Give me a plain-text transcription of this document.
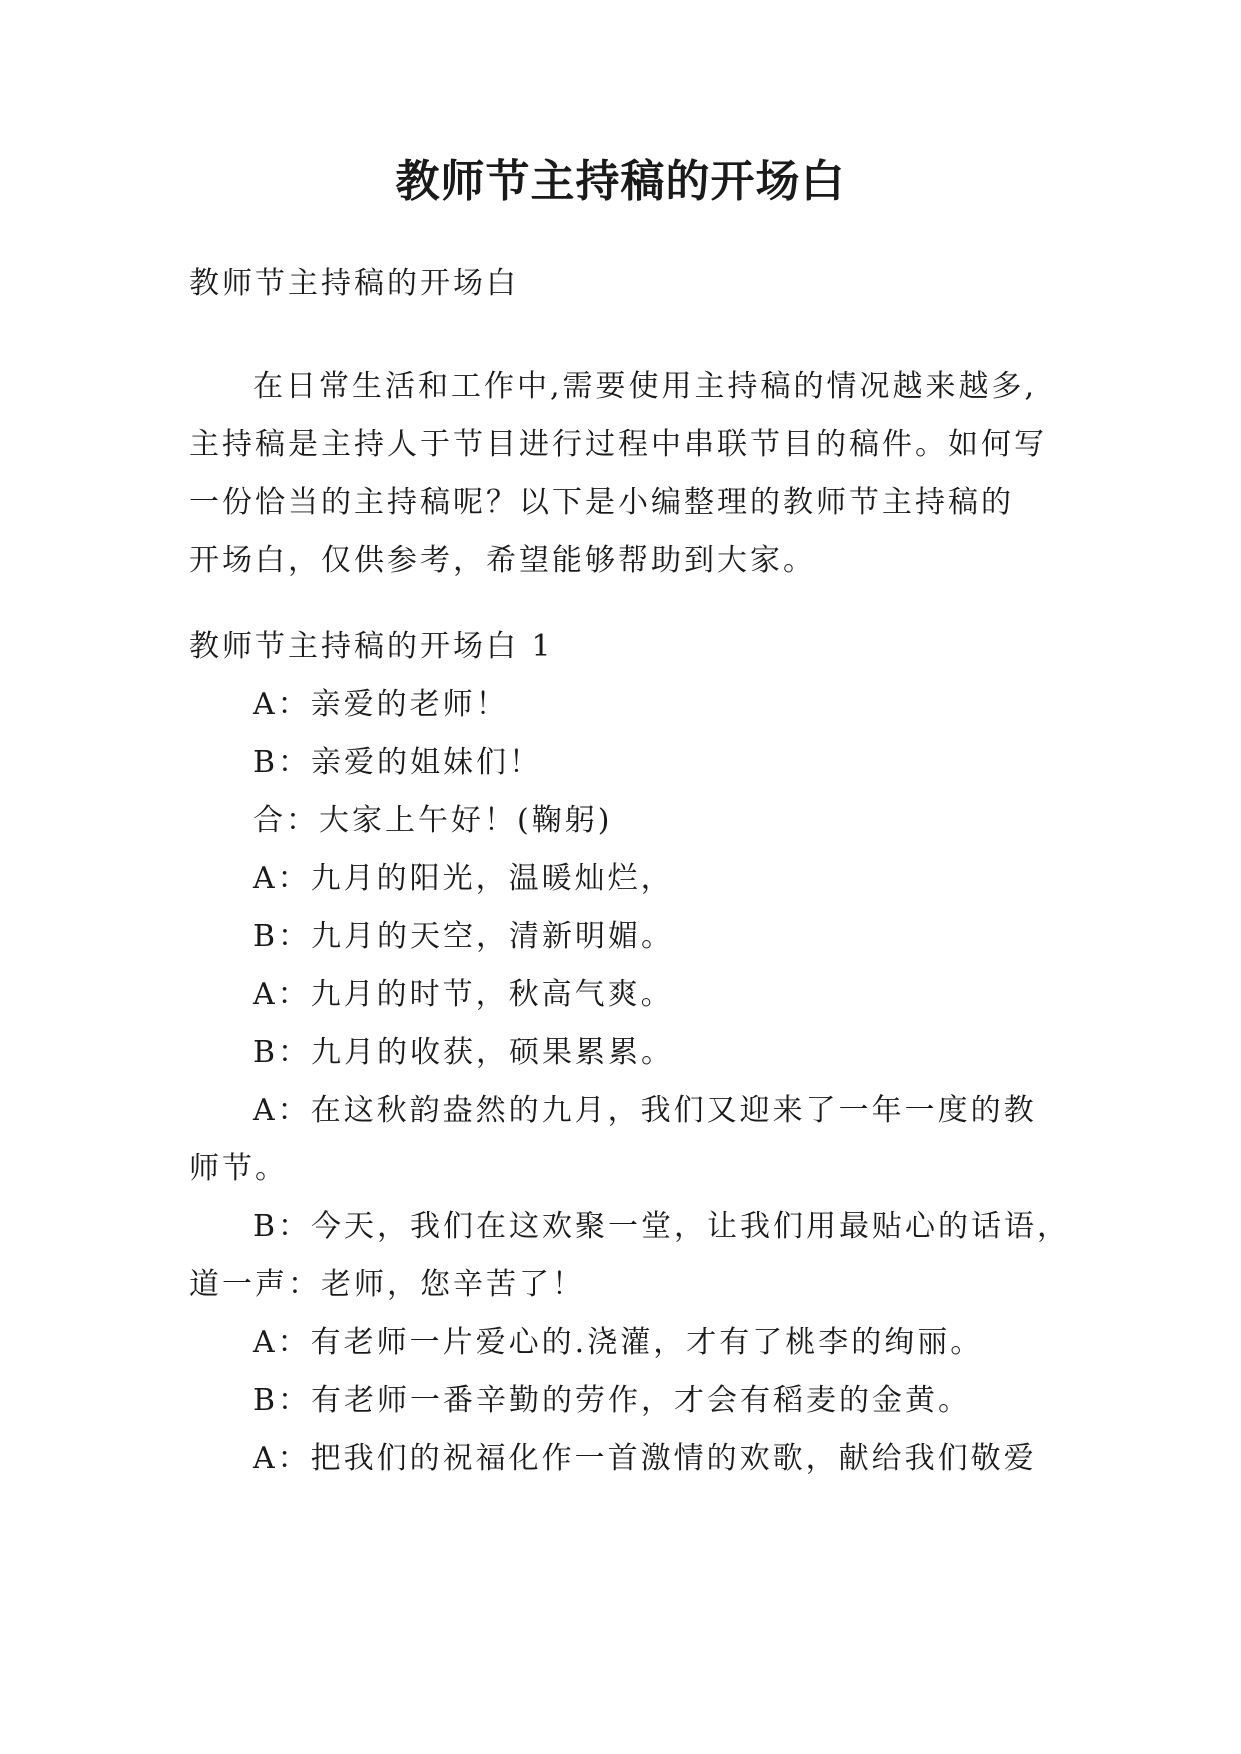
教师节主持稿的开场白
教师节主持稿的开场白
在日常生活和工作中,需要使用主持稿的情况越来越多,
主持稿是主持人于节目进行过程中串联节目的稿件。如何写
一份恰当的主持稿呢？以下是小编整理的教师节主持稿的
开场白，仅供参考，希望能够帮助到大家。
教师节主持稿的开场白 1
A：亲爱的老师！
B：亲爱的姐妹们！
合：大家上午好！(鞠躬)
A：九月的阳光，温暖灿烂，
B：九月的天空，清新明媚。
A：九月的时节，秋高气爽。
B：九月的收获，硕果累累。
A：在这秋韵盎然的九月，我们又迎来了一年一度的教
师节。
B：今天，我们在这欢聚一堂，让我们用最贴心的话语，
道一声：老师，您辛苦了！
A：有老师一片爱心的.浇灌，才有了桃李的绚丽。
B：有老师一番辛勤的劳作，才会有稻麦的金黄。
A：把我们的祝福化作一首激情的欢歌，献给我们敬爱
